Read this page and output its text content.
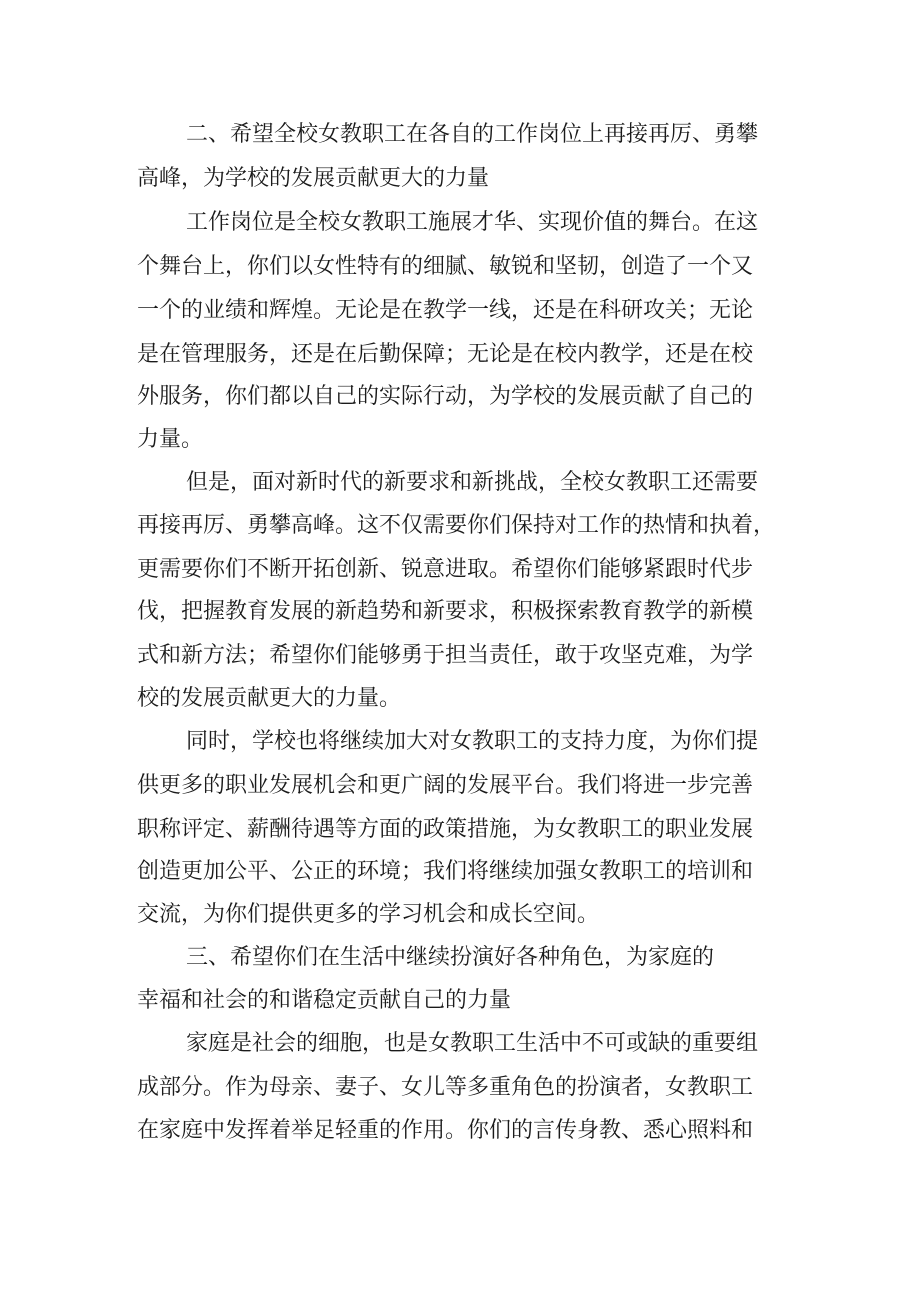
二、希望全校女教职工在各自的工作岗位上再接再厉、勇攀

高峰，为学校的发展贡献更大的力量

工作岗位是全校女教职工施展才华、实现价值的舞台。在这

个舞台上，你们以女性特有的细腻、敏锐和坚韧，创造了一个又

一个的业绩和辉煌。无论是在教学一线，还是在科研攻关；无论

是在管理服务，还是在后勤保障；无论是在校内教学，还是在校

外服务，你们都以自己的实际行动，为学校的发展贡献了自己的

力量。

但是，面对新时代的新要求和新挑战，全校女教职工还需要

再接再厉、勇攀高峰。这不仅需要你们保持对工作的热情和执着，

更需要你们不断开拓创新、锐意进取。希望你们能够紧跟时代步

伐，把握教育发展的新趋势和新要求，积极探索教育教学的新模

式和新方法；希望你们能够勇于担当责任，敢于攻坚克难，为学

校的发展贡献更大的力量。

同时，学校也将继续加大对女教职工的支持力度，为你们提

供更多的职业发展机会和更广阔的发展平台。我们将进一步完善

职称评定、薪酬待遇等方面的政策措施，为女教职工的职业发展

创造更加公平、公正的环境；我们将继续加强女教职工的培训和

交流，为你们提供更多的学习机会和成长空间。

三、希望你们在生活中继续扮演好各种角色，为家庭的

幸福和社会的和谐稳定贡献自己的力量

家庭是社会的细胞，也是女教职工生活中不可或缺的重要组

成部分。作为母亲、妻子、女儿等多重角色的扮演者，女教职工

在家庭中发挥着举足轻重的作用。你们的言传身教、悉心照料和
